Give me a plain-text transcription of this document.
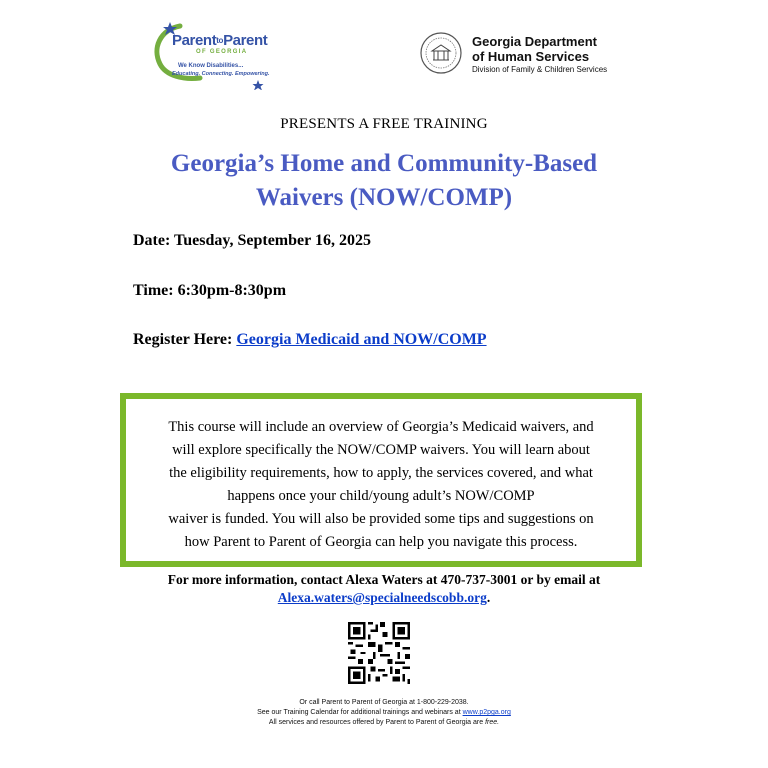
ParenttoParent
OF GEORGIA
We Know Disabilities...
Educating. Connecting. Empowering.
Georgia Department
of Human Services
Division of Family & Children Services
PRESENTS A FREE TRAINING
Georgia’s Home and Community-Based
Waivers (NOW/COMP)
Date: Tuesday, September 16, 2025
Time: 6:30pm-8:30pm
Register Here: Georgia Medicaid and NOW/COMP
This course will include an overview of Georgia’s Medicaid waivers, and
will explore specifically the NOW/COMP waivers. You will learn about
the eligibility requirements, how to apply, the services covered, and what
happens once your child/young adult’s NOW/COMP
waiver is funded. You will also be provided some tips and suggestions on
how Parent to Parent of Georgia can help you navigate this process.
For more information, contact Alexa Waters at 470-737-3001 or by email at
Alexa.waters@specialneedscobb.org.
Or call Parent to Parent of Georgia at 1-800-229-2038.
See our Training Calendar for additional trainings and webinars at www.p2pga.org
All services and resources offered by Parent to Parent of Georgia are free.
